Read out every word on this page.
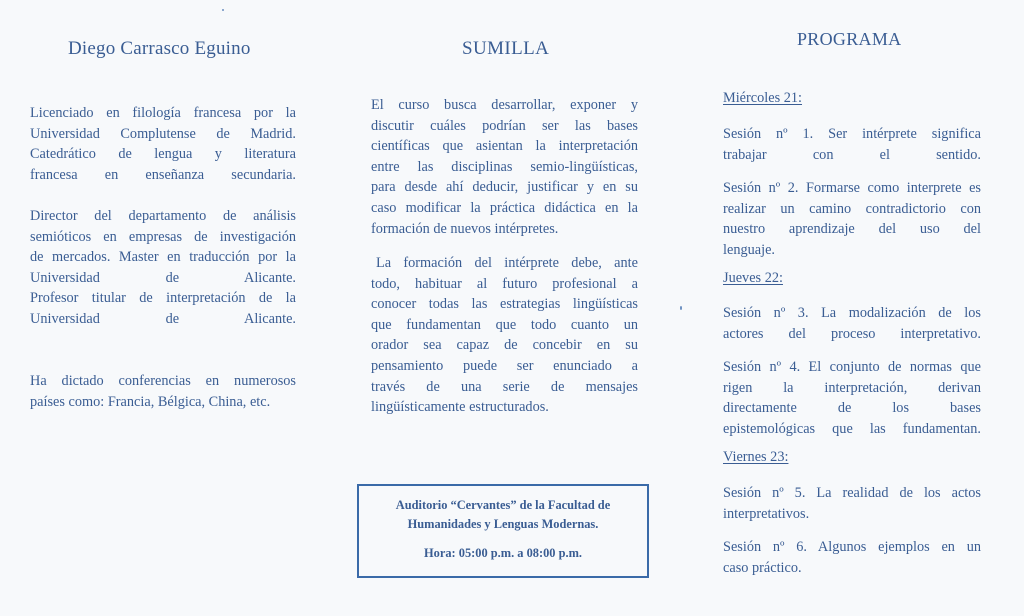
Diego Carrasco Eguino
Licenciado en filología francesa por la
Universidad Complutense de Madrid.
Catedrático de lengua y literatura
francesa en enseñanza secundaria.
Director del departamento de análisis
semióticos en empresas de investigación
de mercados. Master en traducción por la
Universidad de Alicante.
Profesor titular de interpretación de la
Universidad de Alicante.
Ha dictado conferencias en numerosos
países como: Francia, Bélgica, China, etc.
SUMILLA
El curso busca desarrollar, exponer y
discutir cuáles podrían ser las bases
científicas que asientan la interpretación
entre las disciplinas semio-lingüísticas,
para desde ahí deducir, justificar y en su
caso modificar la práctica didáctica en la
formación de nuevos intérpretes.
La formación del intérprete debe, ante
todo, habituar al futuro profesional a
conocer todas las estrategias lingüísticas
que fundamentan que todo cuanto un
orador sea capaz de concebir en su
pensamiento puede ser enunciado a
través de una serie de mensajes
lingüísticamente estructurados.
Auditorio “Cervantes” de la Facultad de
Humanidades y Lenguas Modernas.
Hora: 05:00 p.m. a 08:00 p.m.
PROGRAMA
Miércoles 21:
Sesión nº 1. Ser intérprete significa
trabajar con el sentido.
Sesión nº 2. Formarse como interprete es
realizar un camino contradictorio con
nuestro aprendizaje del uso del
lenguaje.
Jueves 22:
Sesión nº 3. La modalización de los
actores del proceso interpretativo.
Sesión nº 4. El conjunto de normas que
rigen la interpretación, derivan
directamente de los bases
epistemológicas que las fundamentan.
Viernes 23:
Sesión nº 5. La realidad de los actos
interpretativos.
Sesión nº 6. Algunos ejemplos en un
caso práctico.
